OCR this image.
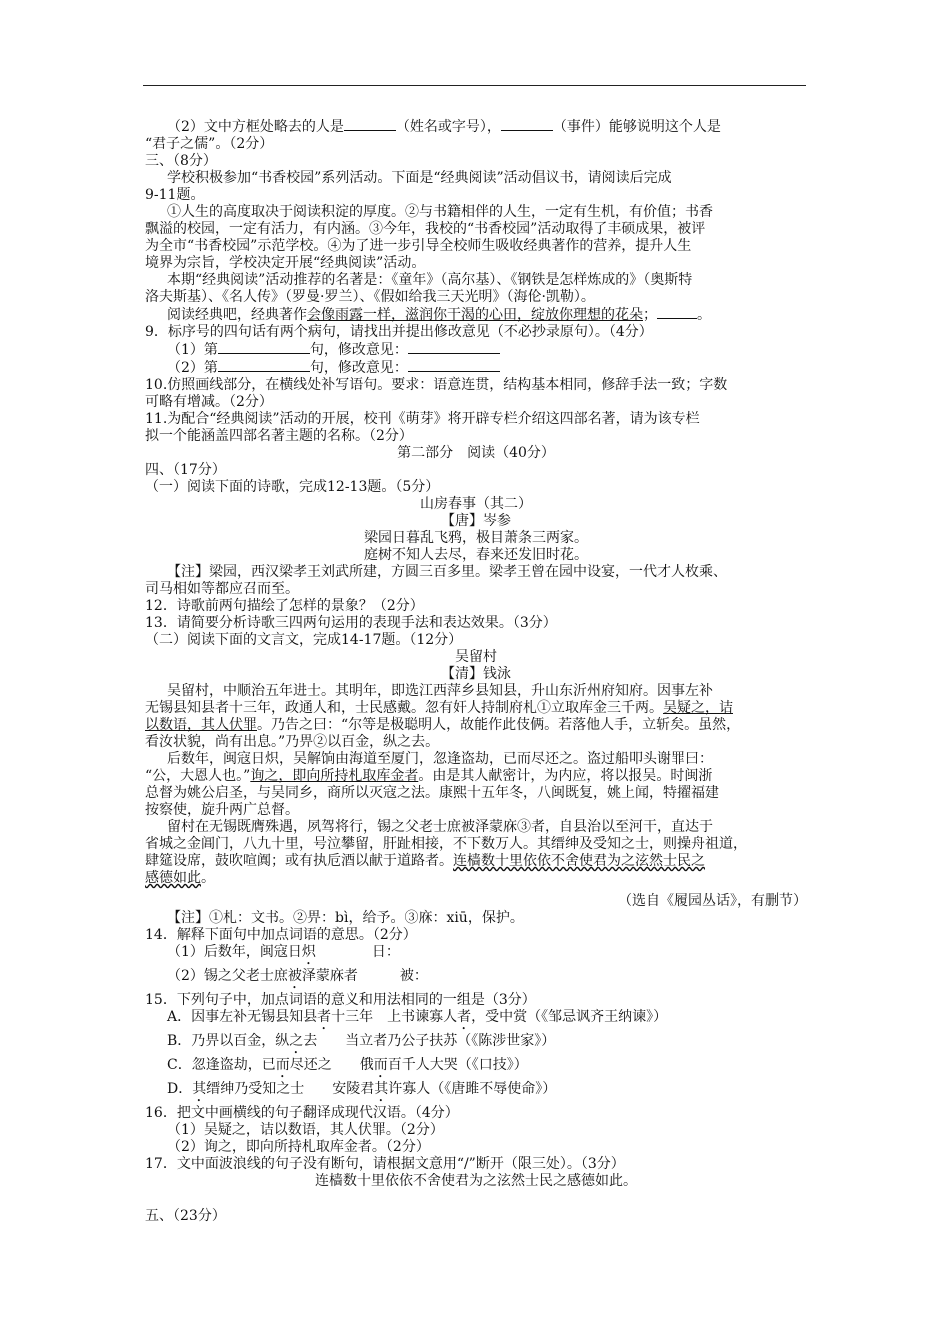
（2）文中方框处略去的人是	（姓名或字号），	（事件）能够说明这个人是
“君子之儒”。（2分）
三、（8分）
学校积极参加“书香校园”系列活动。下面是“经典阅读”活动倡议书，请阅读后完成
9-11题。
①人生的高度取决于阅读积淀的厚度。②与书籍相伴的人生，一定有生机，有价值；书香
飘溢的校园，一定有活力，有内涵。③今年，我校的“书香校园”活动取得了丰硕成果，被评
为全市“书香校园”示范学校。④为了进一步引导全校师生吸收经典著作的营养，提升人生
境界为宗旨，学校决定开展“经典阅读”活动。
本期“经典阅读”活动推荐的名著是：《童年》（高尔基）、《钢铁是怎样炼成的》（奥斯特
洛夫斯基）、《名人传》（罗曼·罗兰）、《假如给我三天光明》（海伦·凯勒）。
阅读经典吧，经典著作会像雨露一样，滋润你干渴的心田，绽放你理想的花朵；	。
9．标序号的四句话有两个病句，请找出并提出修改意见（不必抄录原句）。（4分）
（1）第	句，修改意见：
（2）第	句，修改意见：
10.仿照画线部分，在横线处补写语句。要求：语意连贯，结构基本相同，修辞手法一致；字数
可略有增减。（2分）
11.为配合“经典阅读”活动的开展，校刊《萌芽》将开辟专栏介绍这四部名著，请为该专栏
拟一个能涵盖四部名著主题的名称。（2分）
第二部分　阅读（40分）
四、（17分）
（一）阅读下面的诗歌，完成12-13题。（5分）
山房春事（其二）
【唐】岑参
梁园日暮乱飞鸦，极目萧条三两家。
庭树不知人去尽，春来还发旧时花。
【注】梁园，西汉梁孝王刘武所建，方圆三百多里。梁孝王曾在园中设宴，一代才人枚乘、
司马相如等都应召而至。
12．诗歌前两句描绘了怎样的景象？（2分）
13．请简要分析诗歌三四两句运用的表现手法和表达效果。（3分）
（二）阅读下面的文言文，完成14-17题。（12分）
吴留村
【清】钱泳
吴留村，中顺治五年进士。其明年，即选江西萍乡县知县，升山东沂州府知府。因事左补
无锡县知县者十三年，政通人和，士民感戴。忽有奸人持制府札①立取库金三千两。吴疑之，诘
以数语，其人伏罪。乃告之曰：“尔等是极聪明人，故能作此伎俩。若落他人手，立斩矣。虽然，
看汝状貌，尚有出息。”乃畀②以百金，纵之去。
后数年，闽寇日炽，吴解饷由海道至厦门，忽逢盗劫，已而尽还之。盗过船叩头谢罪曰：
“公，大恩人也。”询之，即向所持札取库金者。由是其人献密计，为内应，将以报吴。时闽浙
总督为姚公启圣，与吴同乡，商所以灭寇之法。康熙十五年冬，八闽既复，姚上闻，特擢福建
按察使，旋升两广总督。
留村在无锡既膺殊遇，夙驾将行，锡之父老士庶被泽蒙庥③者，自县治以至河干，直达于
省城之金阊门，八九十里，号泣攀留，肝趾相接，不下数万人。其缙绅及受知之士，则操舟祖道，
肆筵设席，鼓吹喧阗；或有执卮酒以献于道路者。连樯数十里依依不舍使君为之泫然士民之
感德如此。
（选自《履园丛话》，有删节）
【注】①札：文书。②畀：bì，给予。③庥：xiū，保护。
14．解释下面句中加点词语的意思。（2分）
（1）后数年，闽寇日炽　　　　日：
（2）锡之父老士庶被泽蒙庥者　　　被：
15．下列句子中，加点词语的意义和用法相同的一组是（3分）
A．因事左补无锡县知县者十三年　上书谏寡人者，受中赏（《邹忌讽齐王纳谏》）
B．乃畀以百金，纵之去　　当立者乃公子扶苏（《陈涉世家》）
C．忽逢盗劫，已而尽还之　　俄而百千人大哭（《口技》）
D．其缙绅乃受知之士　　安陵君其许寡人（《唐雎不辱使命》）
16．把文中画横线的句子翻译成现代汉语。（4分）
（1）吴疑之，诘以数语，其人伏罪。（2分）
（2）询之，即向所持札取库金者。（2分）
17．文中面波浪线的句子没有断句，请根据文意用“/”断开（限三处）。（3分）
连樯数十里依依不舍使君为之泫然士民之感德如此。
五、（23分）
